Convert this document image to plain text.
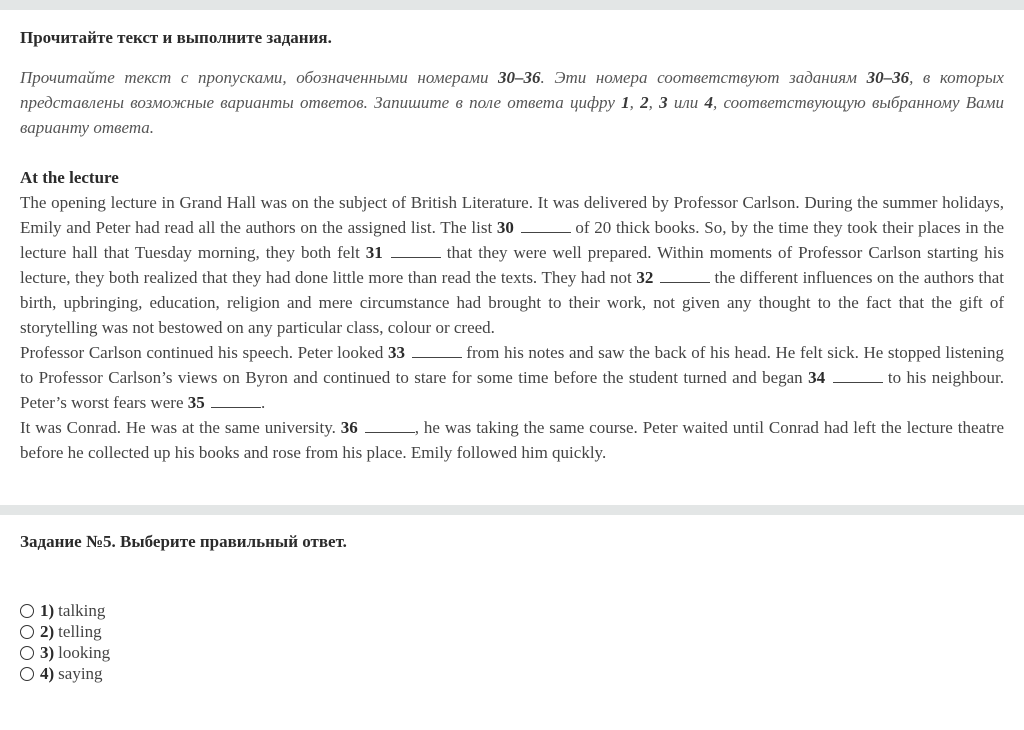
Прочитайте текст и выполните задания.
Прочитайте текст с пропусками, обозначенными номерами 30–36. Эти номера соответствуют заданиям 30–36, в которых представлены возможные варианты ответов. Запишите в поле ответа цифру 1, 2, 3 или 4, соответствующую выбранному Вами варианту ответа.
At the lecture
The opening lecture in Grand Hall was on the subject of British Literature. It was delivered by Professor Carlson. During the summer holidays, Emily and Peter had read all the authors on the assigned list. The list 30	of 20 thick books. So, by the time they took their places in the lecture hall that Tuesday morning, they both felt 31	that they were well prepared. Within moments of Professor Carlson starting his lecture, they both realized that they had done little more than read the texts. They had not 32	the different influences on the authors that birth, upbringing, education, religion and mere circumstance had brought to their work, not given any thought to the fact that the gift of storytelling was not bestowed on any particular class, colour or creed.
Professor Carlson continued his speech. Peter looked 33	from his notes and saw the back of his head. He felt sick. He stopped listening to Professor Carlson’s views on Byron and continued to stare for some time before the student turned and began 34	to his neighbour. Peter’s worst fears were 35	.
It was Conrad. He was at the same university. 36	, he was taking the same course. Peter waited until Conrad had left the lecture theatre before he collected up his books and rose from his place. Emily followed him quickly.
Задание №5. Выберите правильный ответ.
1) talking
2) telling
3) looking
4) saying
